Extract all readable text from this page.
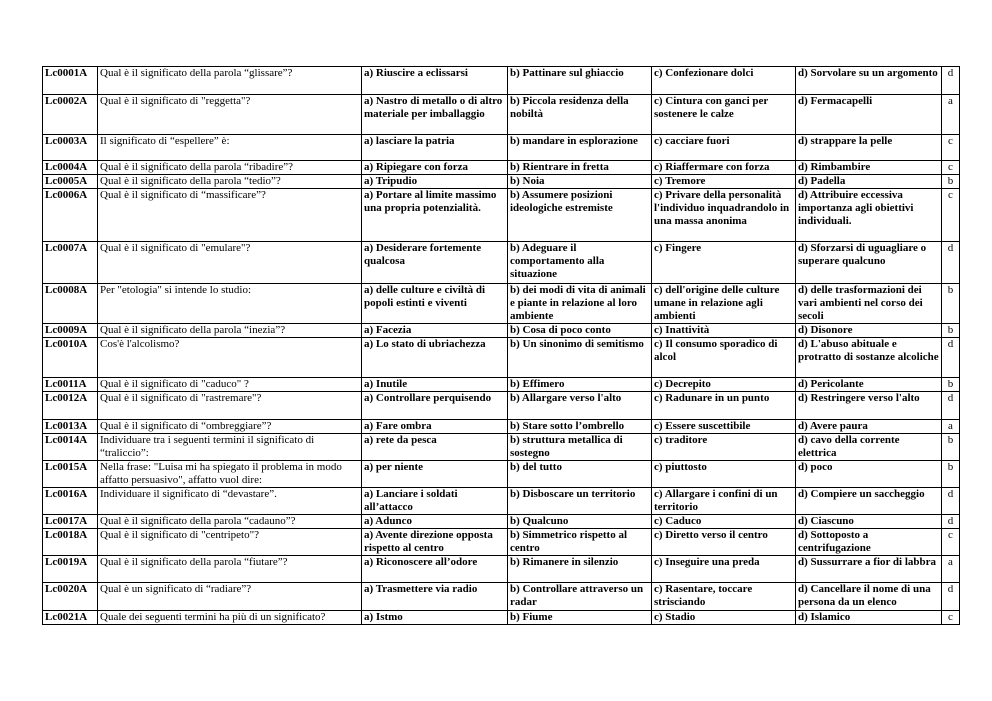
Lc0001A	Qual è il significato della parola “glissare”?	a) Riuscire a eclissarsi	b) Pattinare sul ghiaccio	c) Confezionare dolci	d) Sorvolare su un argomento	d
Lc0002A	Qual è il significato di "reggetta"?	a) Nastro di metallo o di altro materiale per imballaggio	b) Piccola residenza della nobiltà	c) Cintura con ganci per sostenere le calze	d) Fermacapelli	a
Lc0003A	Il significato di “espellere” è:	a) lasciare la patria	b) mandare in esplorazione	c) cacciare fuori	d) strappare la pelle	c
Lc0004A	Qual è il significato della parola “ribadire”?	a) Ripiegare con forza	b) Rientrare in fretta	c) Riaffermare con forza	d) Rimbambire	c
Lc0005A	Qual è il significato della parola “tedio”?	a) Tripudio	b) Noia	c) Tremore	d) Padella	b
Lc0006A	Qual è il significato di “massificare”?	a) Portare al limite massimo una propria potenzialità.	b) Assumere posizioni ideologiche estremiste	c) Privare della personalità l'individuo inquadrandolo in una massa anonima	d) Attribuire eccessiva importanza agli obiettivi individuali.	c
Lc0007A	Qual è il significato di "emulare"?	a) Desiderare fortemente qualcosa	b) Adeguare il comportamento alla situazione	c) Fingere	d) Sforzarsi di uguagliare o superare qualcuno	d
Lc0008A	Per "etologia" si intende lo studio:	a) delle culture e civiltà di popoli estinti e viventi	b) dei modi di vita di animali e piante in relazione al loro ambiente	c) dell'origine delle culture umane in relazione agli ambienti	d) delle trasformazioni dei vari ambienti nel corso dei secoli	b
Lc0009A	Qual è il significato della parola “inezia”?	a) Facezia	b) Cosa di poco conto	c) Inattività	d) Disonore	b
Lc0010A	Cos'è l'alcolismo?	a) Lo stato di ubriachezza	b) Un sinonimo di semitismo	c) Il consumo sporadico di alcol	d) L'abuso abituale e protratto di sostanze alcoliche	d
Lc0011A	Qual è il significato di "caduco" ?	a) Inutile	b) Effimero	c) Decrepito	d) Pericolante	b
Lc0012A	Qual è il significato di "rastremare"?	a) Controllare perquisendo	b) Allargare verso l'alto	c) Radunare in un punto	d) Restringere verso l'alto	d
Lc0013A	Qual è il significato di “ombreggiare”?	a) Fare ombra	b) Stare sotto l’ombrello	c) Essere suscettibile	d) Avere paura	a
Lc0014A	Individuare tra i seguenti termini il significato di “traliccio”:	a) rete da pesca	b) struttura metallica di sostegno	c) traditore	d) cavo della corrente elettrica	b
Lc0015A	Nella frase: "Luisa mi ha spiegato il problema in modo affatto persuasivo", affatto vuol dire:	a) per niente	b) del tutto	c) piuttosto	d) poco	b
Lc0016A	Individuare il significato di “devastare”.	a) Lanciare i soldati all’attacco	b) Disboscare un territorio	c) Allargare i confini di un territorio	d) Compiere un saccheggio	d
Lc0017A	Qual è il significato della parola “cadauno”?	a) Adunco	b) Qualcuno	c) Caduco	d) Ciascuno	d
Lc0018A	Qual è il significato di "centripeto"?	a) Avente direzione opposta rispetto al centro	b) Simmetrico rispetto al centro	c) Diretto verso il centro	d) Sottoposto a centrifugazione	c
Lc0019A	Qual è il significato della parola “fiutare”?	a) Riconoscere all’odore	b) Rimanere in silenzio	c) Inseguire una preda	d) Sussurrare a fior di labbra	a
Lc0020A	Qual è un significato di “radiare”?	a) Trasmettere via radio	b) Controllare attraverso un radar	c) Rasentare, toccare strisciando	d) Cancellare il nome di una persona da un elenco	d
Lc0021A	Quale dei seguenti termini ha più di un significato?	a) Istmo	b) Fiume	c) Stadio	d) Islamico	c
